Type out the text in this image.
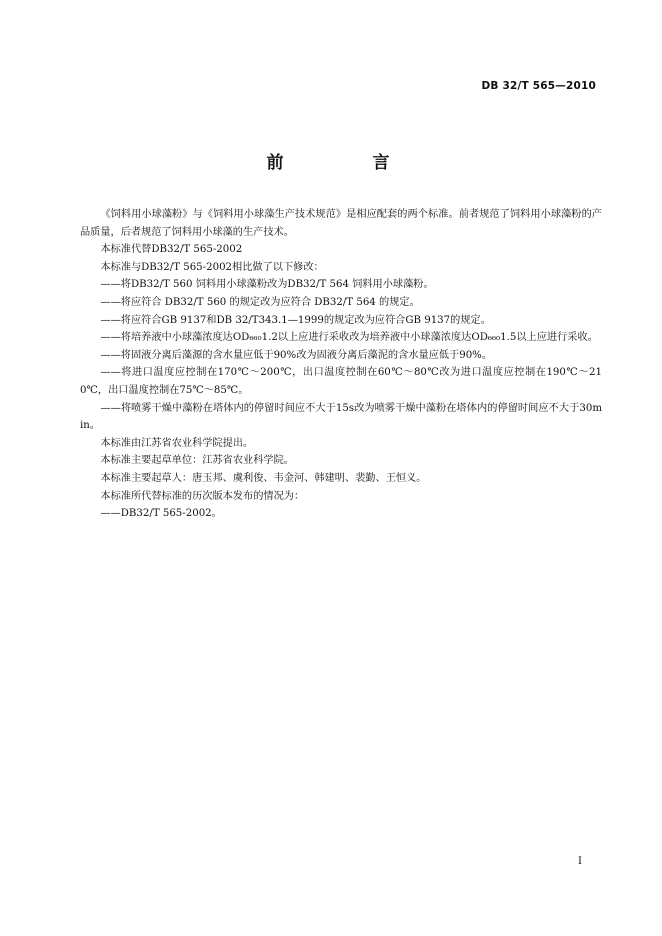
DB 32/T 565—2010
前　言

《饲料用小球藻粉》与《饲料用小球藻生产技术规范》是相应配套的两个标准。前者规范了饲料用小球藻粉的产品质量，后者规范了饲料用小球藻的生产技术。

本标准代替DB32/T 565-2002

本标准与DB32/T 565-2002相比做了以下修改：

——将DB32/T 560 饲料用小球藻粉改为DB32/T 564 饲料用小球藻粉。

——将应符合 DB32/T 560 的规定改为应符合 DB32/T 564 的规定。

——将应符合GB 9137和DB 32/T343.1—1999的规定改为应符合GB 9137的规定。

——将培养液中小球藻浓度达OD₆₆₀1.2以上应进行采收改为培养液中小球藻浓度达OD₆₆₀1.5以上应进行采收。

——将固液分离后藻源的含水量应低于90%改为固液分离后藻泥的含水量应低于90%。

——将进口温度应控制在170℃～200℃，出口温度控制在60℃～80℃改为进口温度应控制在190℃～210℃，出口温度控制在75℃～85℃。

——将喷雾干燥中藻粉在塔体内的停留时间应不大于15s改为喷雾干燥中藻粉在塔体内的停留时间应不大于30min。

本标准由江苏省农业科学院提出。

本标准主要起草单位：江苏省农业科学院。

本标准主要起草人：唐玉邦、虞利俊、韦金河、韩建明、裴勤、王恒义。

本标准所代替标准的历次版本发布的情况为：

——DB32/T 565-2002。

I
